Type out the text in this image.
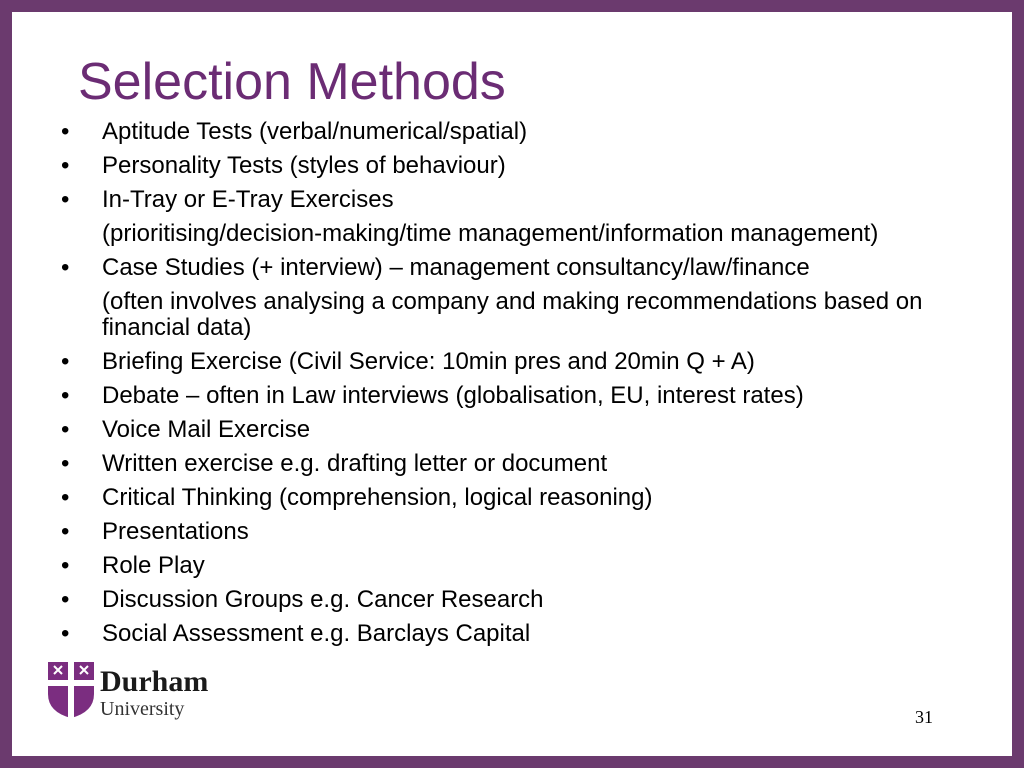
Selection Methods
• Aptitude Tests (verbal/numerical/spatial)
• Personality Tests (styles of behaviour)
• In-Tray or E-Tray Exercises
(prioritising/decision-making/time management/information management)
• Case Studies (+ interview) – management consultancy/law/finance
(often involves analysing a company and making recommendations based on financial data)
• Briefing Exercise (Civil Service: 10min pres and 20min Q + A)
• Debate – often in Law interviews (globalisation, EU, interest rates)
• Voice Mail Exercise
• Written exercise e.g. drafting letter or document
• Critical Thinking (comprehension, logical reasoning)
• Presentations
• Role Play
• Discussion Groups e.g. Cancer Research
• Social Assessment e.g. Barclays Capital
Durham
University	31
